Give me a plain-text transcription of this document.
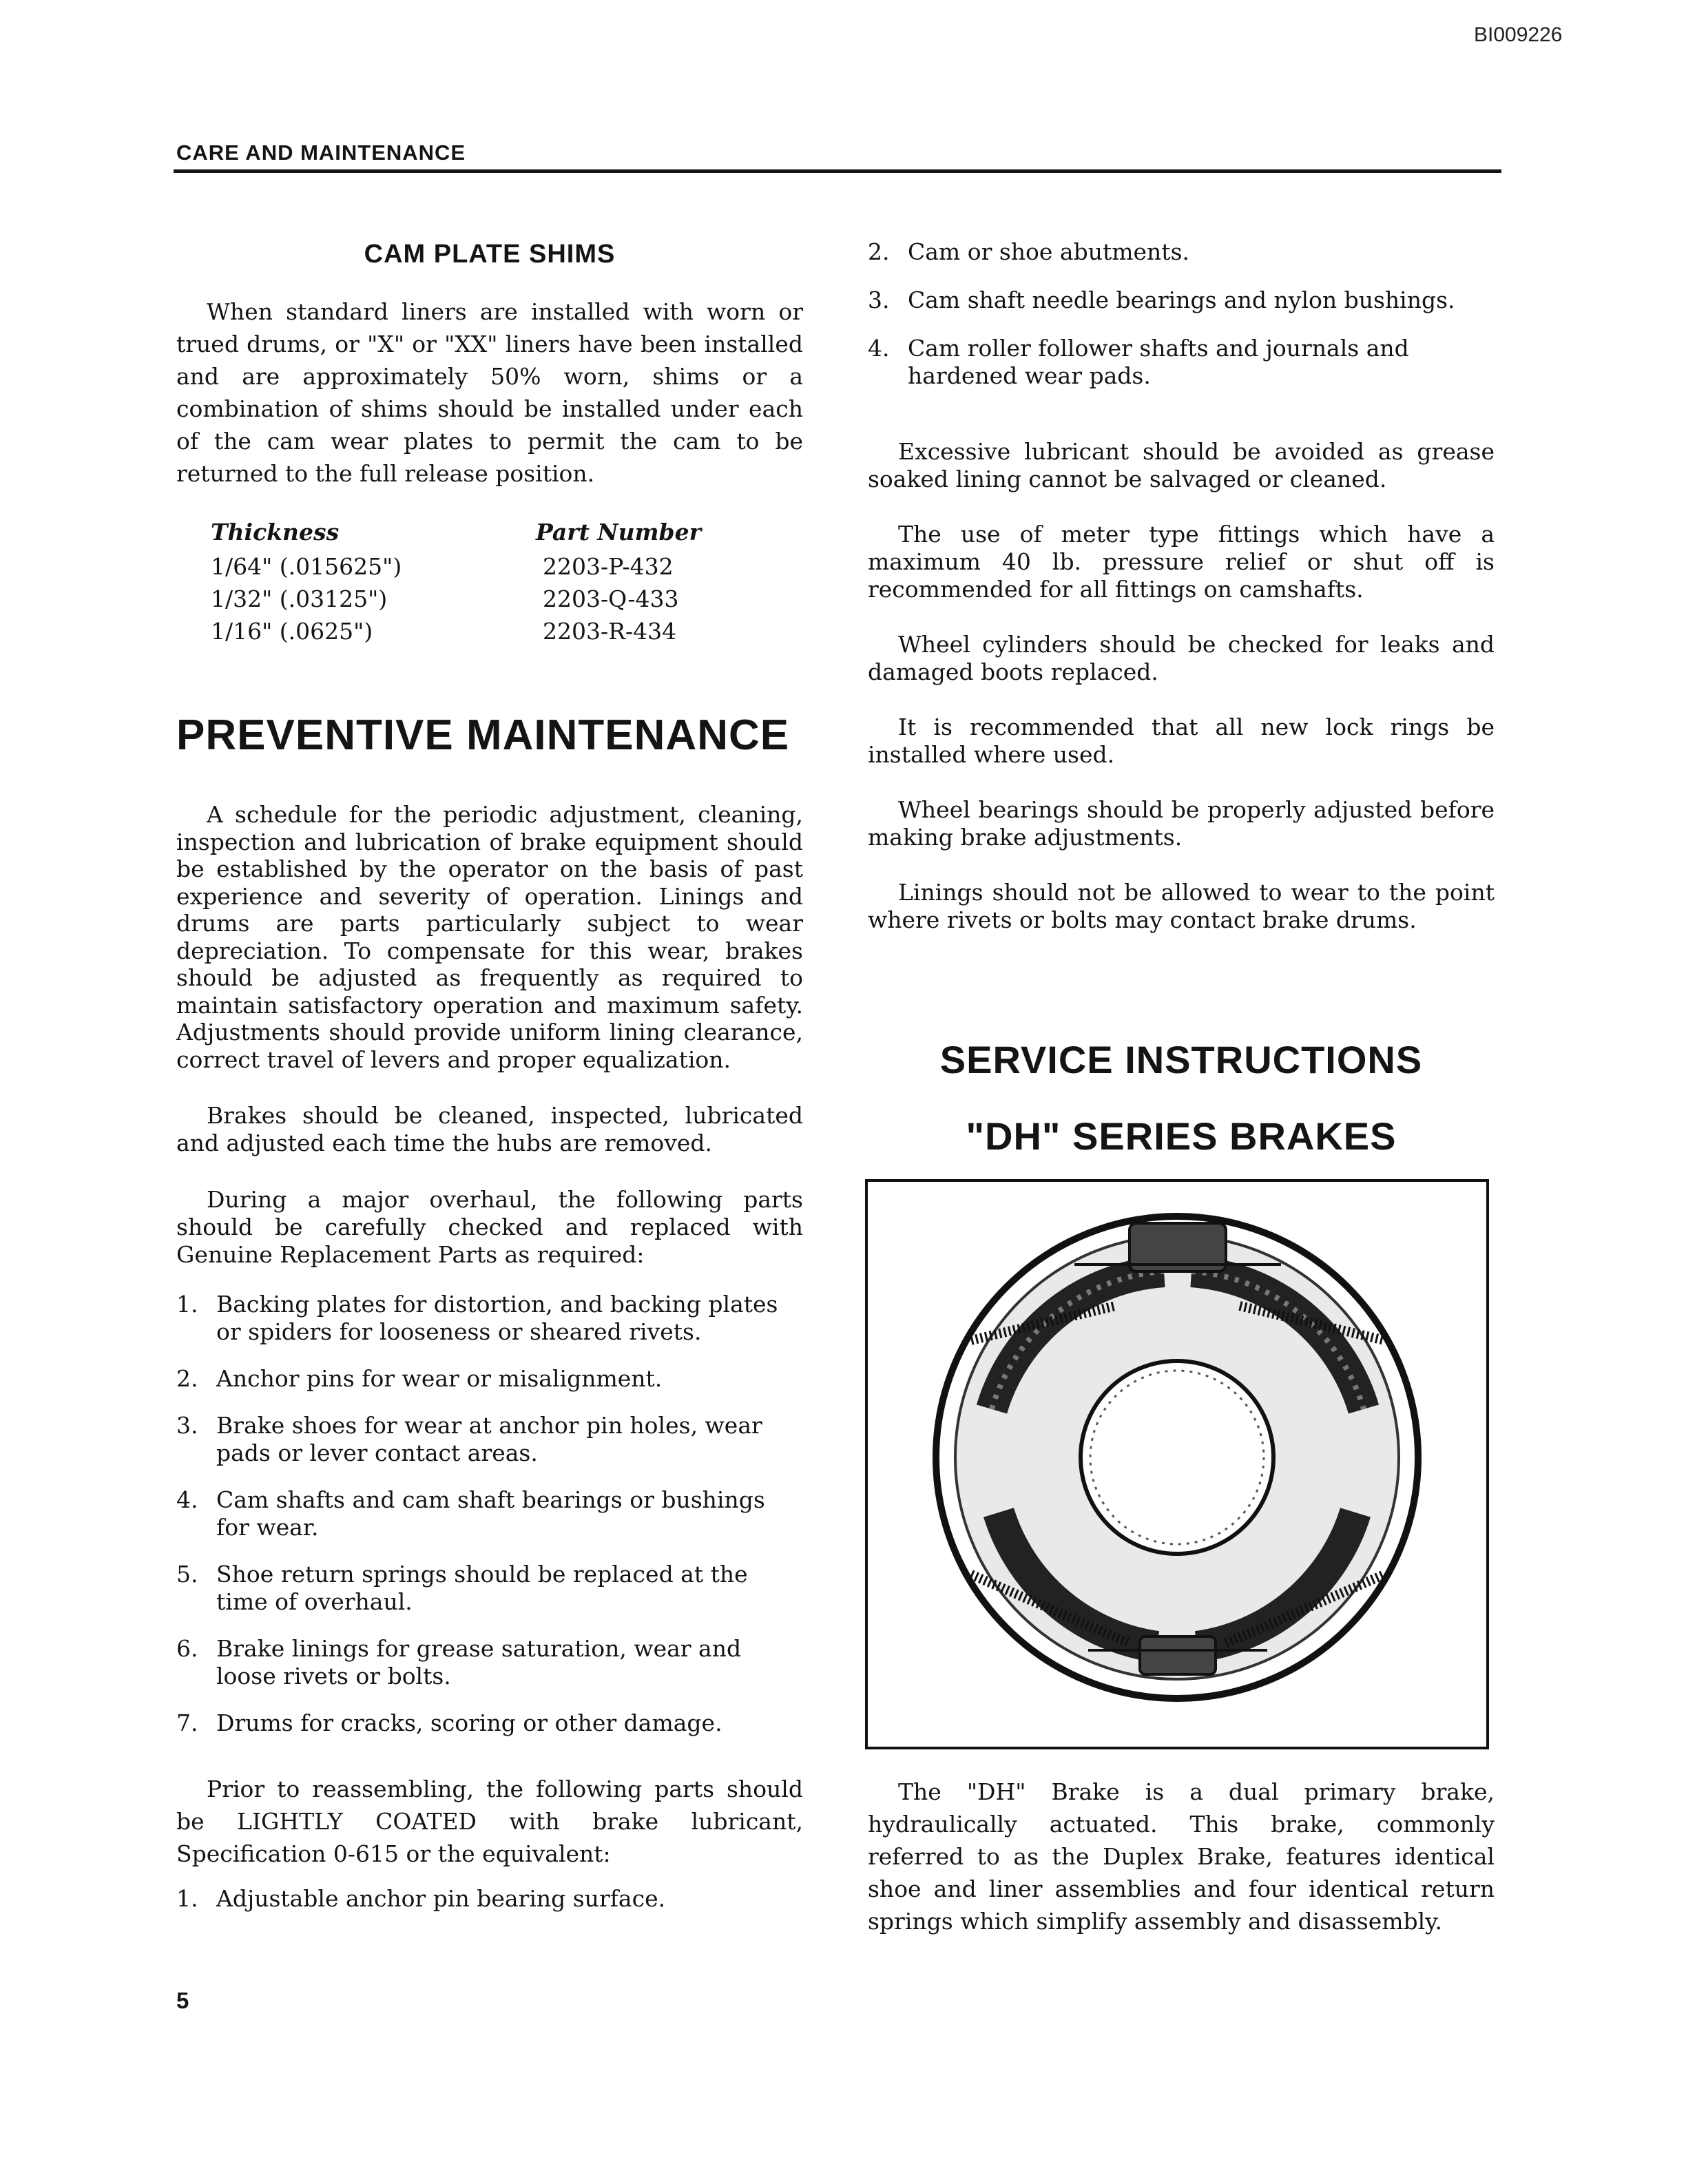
BI009226
CARE AND MAINTENANCE
CAM PLATE SHIMS

When standard liners are installed with worn or trued drums, or "X" or "XX" liners have been installed and are approximately 50% worn, shims or a combination of shims should be installed under each of the cam wear plates to permit the cam to be returned to the full release position.

Thickness	Part Number
1/64" (.015625")	2203-P-432
1/32" (.03125")	2203-Q-433
1/16" (.0625")	2203-R-434
PREVENTIVE MAINTENANCE

A schedule for the periodic adjustment, cleaning, inspection and lubrication of brake equipment should be established by the operator on the basis of past experience and severity of operation. Linings and drums are parts particularly subject to wear depreciation. To compensate for this wear, brakes should be adjusted as frequently as required to maintain satisfactory operation and maximum safety. Adjustments should provide uniform lining clearance, correct travel of levers and proper equalization.

Brakes should be cleaned, inspected, lubricated and adjusted each time the hubs are removed.

During a major overhaul, the following parts should be carefully checked and replaced with Genuine Replacement Parts as required:

1. Backing plates for distortion, and backing plates or spiders for looseness or sheared rivets.
2. Anchor pins for wear or misalignment.
3. Brake shoes for wear at anchor pin holes, wear pads or lever contact areas.
4. Cam shafts and cam shaft bearings or bushings for wear.
5. Shoe return springs should be replaced at the time of overhaul.
6. Brake linings for grease saturation, wear and loose rivets or bolts.
7. Drums for cracks, scoring or other damage.

Prior to reassembling, the following parts should be LIGHTLY COATED with brake lubricant, Specification 0-615 or the equivalent:

1. Adjustable anchor pin bearing surface.
2. Cam or shoe abutments.
3. Cam shaft needle bearings and nylon bushings.
4. Cam roller follower shafts and journals and hardened wear pads.

Excessive lubricant should be avoided as grease soaked lining cannot be salvaged or cleaned.

The use of meter type fittings which have a maximum 40 lb. pressure relief or shut off is recommended for all fittings on camshafts.

Wheel cylinders should be checked for leaks and damaged boots replaced.

It is recommended that all new lock rings be installed where used.

Wheel bearings should be properly adjusted before making brake adjustments.

Linings should not be allowed to wear to the point where rivets or bolts may contact brake drums.

SERVICE INSTRUCTIONS
"DH" SERIES BRAKES

The "DH" Brake is a dual primary brake, hydraulically actuated. This brake, commonly referred to as the Duplex Brake, features identical shoe and liner assemblies and four identical return springs which simplify assembly and disassembly.

5
